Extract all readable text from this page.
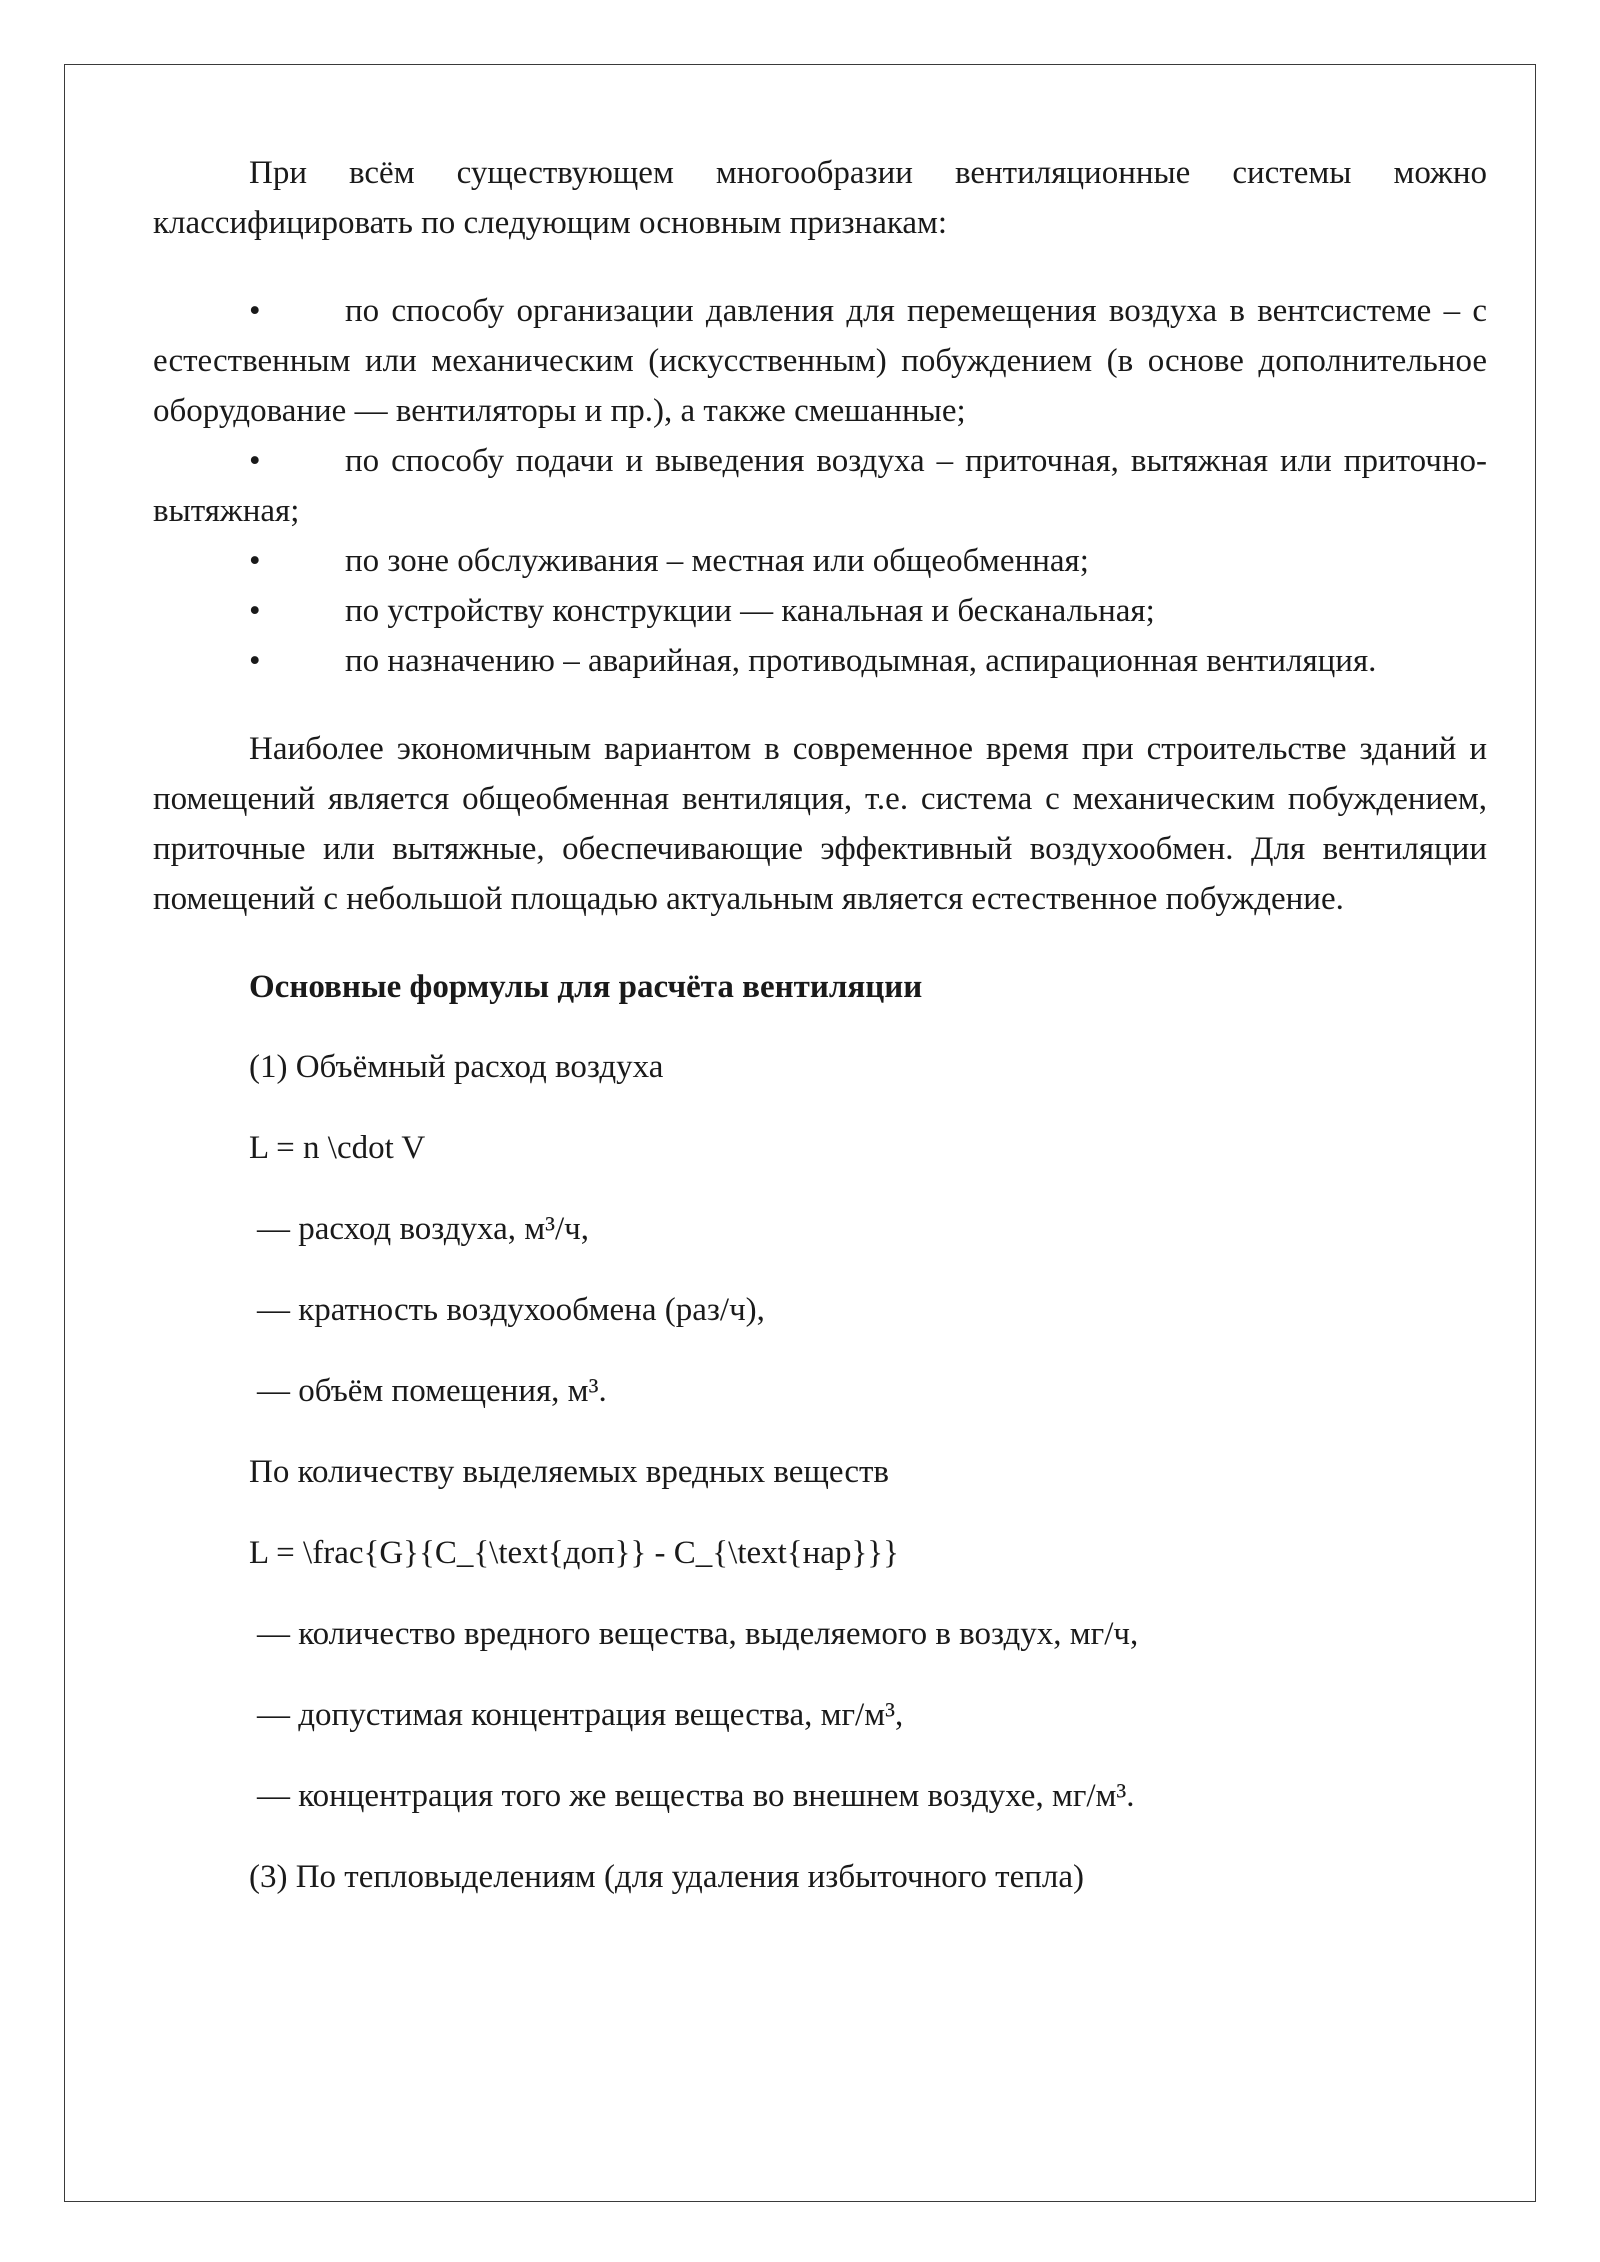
При всём существующем многообразии вентиляционные системы можно классифицировать по следующим основным признакам:

•	по способу организации давления для перемещения воздуха в вентсистеме – с естественным или механическим (искусственным) побуждением (в основе дополнительное оборудование — вентиляторы и пр.), а также смешанные;
•	по способу подачи и выведения воздуха – приточная, вытяжная или приточно-вытяжная;
•	по зоне обслуживания – местная или общеобменная;
•	по устройству конструкции — канальная и бесканальная;
•	по назначению – аварийная, противодымная, аспирационная вентиляция.

Наиболее экономичным вариантом в современное время при строительстве зданий и помещений является общеобменная вентиляция, т.е. система с механическим побуждением, приточные или вытяжные, обеспечивающие эффективный воздухообмен. Для вентиляции помещений с небольшой площадью актуальным является естественное побуждение.

Основные формулы для расчёта вентиляции

(1) Объёмный расход воздуха

L = n \cdot V

— расход воздуха, м³/ч,

— кратность воздухообмена (раз/ч),

— объём помещения, м³.

По количеству выделяемых вредных веществ

L = \frac{G}{C_{\text{доп}} - C_{\text{нар}}}

— количество вредного вещества, выделяемого в воздух, мг/ч,

— допустимая концентрация вещества, мг/м³,

— концентрация того же вещества во внешнем воздухе, мг/м³.

(3) По тепловыделениям (для удаления избыточного тепла)
